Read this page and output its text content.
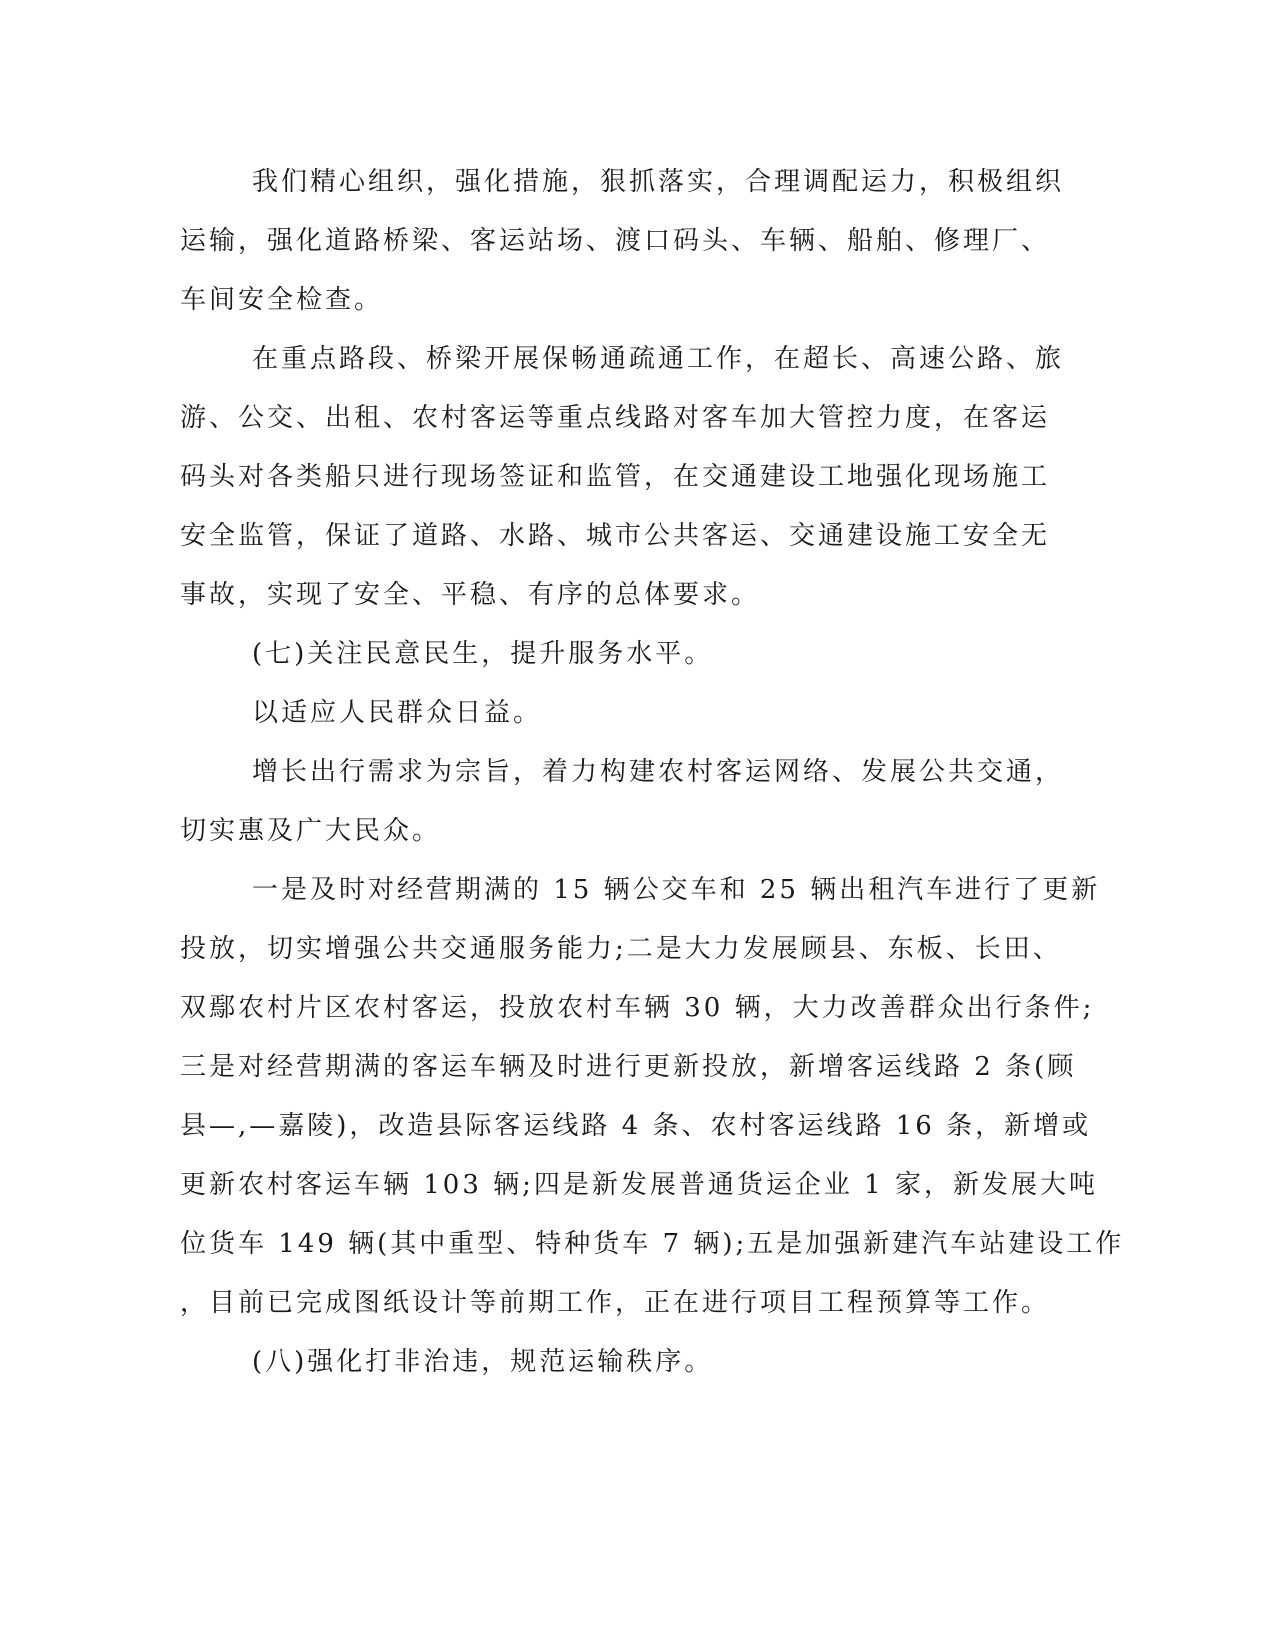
我们精心组织，强化措施，狠抓落实，合理调配运力，积极组织
运输，强化道路桥梁、客运站场、渡口码头、车辆、船舶、修理厂、
车间安全检查。
在重点路段、桥梁开展保畅通疏通工作，在超长、高速公路、旅
游、公交、出租、农村客运等重点线路对客车加大管控力度，在客运
码头对各类船只进行现场签证和监管，在交通建设工地强化现场施工
安全监管，保证了道路、水路、城市公共客运、交通建设施工安全无
事故，实现了安全、平稳、有序的总体要求。
(七)关注民意民生，提升服务水平。
以适应人民群众日益。
增长出行需求为宗旨，着力构建农村客运网络、发展公共交通，
切实惠及广大民众。
一是及时对经营期满的 15 辆公交车和 25 辆出租汽车进行了更新
投放，切实增强公共交通服务能力;二是大力发展顾县、东板、长田、
双鄢农村片区农村客运，投放农村车辆 30 辆，大力改善群众出行条件;
三是对经营期满的客运车辆及时进行更新投放，新增客运线路 2 条(顾
县—,—嘉陵)，改造县际客运线路 4 条、农村客运线路 16 条，新增或
更新农村客运车辆 103 辆;四是新发展普通货运企业 1 家，新发展大吨
位货车 149 辆(其中重型、特种货车 7 辆);五是加强新建汽车站建设工作
，目前已完成图纸设计等前期工作，正在进行项目工程预算等工作。
(八)强化打非治违，规范运输秩序。
